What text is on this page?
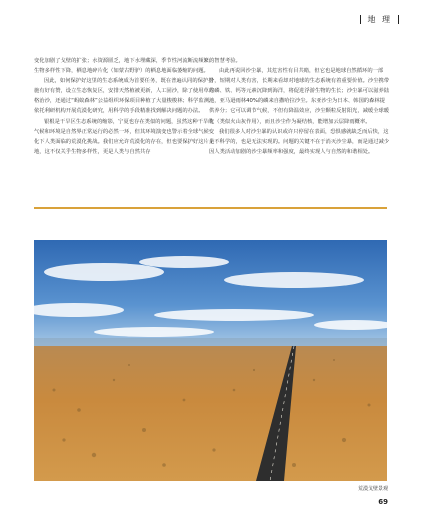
地 理

变化加剧了戈壁的扩张；水资源匮乏，地下水埋藏深，季节性河流断流频繁；生物多样性下降，栖息地碎片化（如蒙古野驴）的栖息地面临萎缩的问题。

因此，如何保护好这里的生态系统成为首要任务，既在普遍认同的保护措施有好有赞，设立生态恢复区，安排天然植被更新，人工固沙，除了使用草方格治沙，还通过“蚂蚁森林”公益组织环保项目种植了大量梭梭林；科学监测，依托利研机构开展荒漠化研究，用科学的手段精准找到解决问题的办法。

银根是干旱区生态系统的缩影，宁夏也存在类似的问题，虽然这种干旱的气候和环境是自然界正常运行的必然一环，但其环境演变也警示着全球气候变化下人类面临的荒漠化挑战。我们应允许荒漠化的存在，但也要保护好这片土地，这不仅关乎生物多样性，更是人类与自然共存

的智慧考验。

由此再说回沙尘暴，其危害性有目共睹，但它也是地球自然循环的一部分，短期对人类有害，长期来看却对地球的生态系统有着重要价值。沙尘携带的磷、铁、钙等元素沉降到海洋，将促进浮游生物的生长；沙尘暴可以滋养陆地，亚马逊雨林40%的磷来自撒哈拉沙尘。东亚沙尘为日本、韩国的森林提供养分；它可以调节气候，不但有降温效应，沙尘颗粒反射阳光，减缓全球暖化（类似火山灰作用），而且沙尘作为凝结核，能增加云层降雨概率。

我们很多人对沙尘暴的认识或许只停留在表面，恐惧感就缺乏而后快，这是不科学的，也是无法实现的。问题的关键不在于消灭沙尘暴，而是通过减少因人类活动加剧的沙尘暴频率和强度，最终实现人与自然的和谐相处。

荒漠戈壁景观
69
